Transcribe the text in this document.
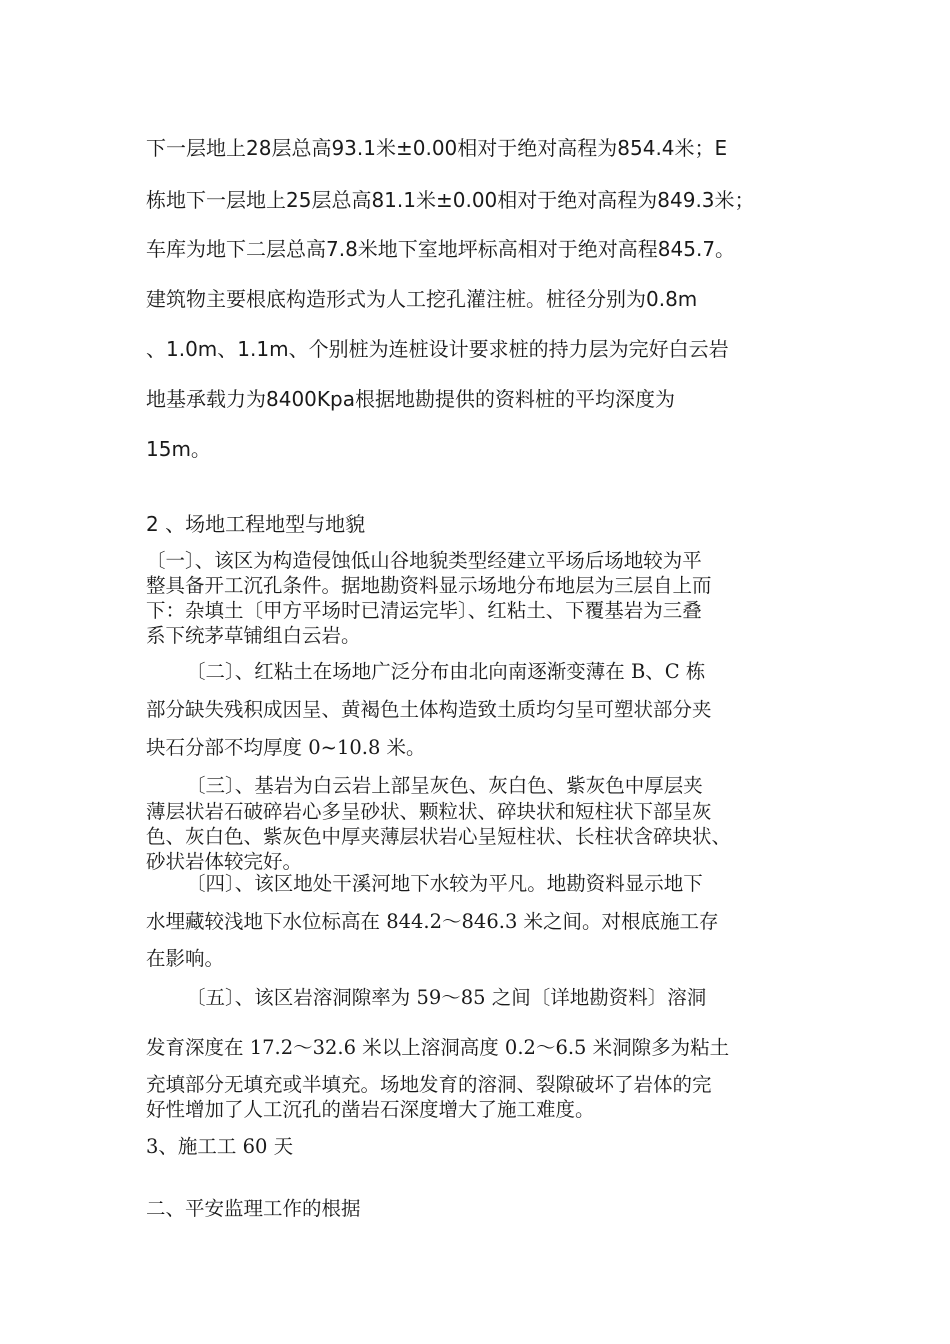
下一层地上28层总高93.1米±0.00相对于绝对高程为854.4米；E
栋地下一层地上25层总高81.1米±0.00相对于绝对高程为849.3米；
车库为地下二层总高7.8米地下室地坪标高相对于绝对高程845.7。
建筑物主要根底构造形式为人工挖孔灌注桩。桩径分别为0.8m
、1.0m、1.1m、个别桩为连桩设计要求桩的持力层为完好白云岩
地基承载力为8400Kpa根据地勘提供的资料桩的平均深度为
15m。
2 、场地工程地型与地貌
〔一〕、该区为构造侵蚀低山谷地貌类型经建立平场后场地较为平
整具备开工沉孔条件。据地勘资料显示场地分布地层为三层自上而
下：杂填土〔甲方平场时已清运完毕〕、红粘土、下覆基岩为三叠
系下统茅草铺组白云岩。
〔二〕、红粘土在场地广泛分布由北向南逐渐变薄在 B、C 栋
部分缺失残积成因呈、黄褐色土体构造致土质均匀呈可塑状部分夹
块石分部不均厚度 0~10.8 米。
〔三〕、基岩为白云岩上部呈灰色、灰白色、紫灰色中厚层夹
薄层状岩石破碎岩心多呈砂状、颗粒状、碎块状和短柱状下部呈灰
色、灰白色、紫灰色中厚夹薄层状岩心呈短柱状、长柱状含碎块状、
砂状岩体较完好。
〔四〕、该区地处干溪河地下水较为平凡。地勘资料显示地下
水埋藏较浅地下水位标高在 844.2～846.3 米之间。对根底施工存
在影响。
〔五〕、该区岩溶洞隙率为 59～85 之间〔详地勘资料〕溶洞
发育深度在 17.2～32.6 米以上溶洞高度 0.2～6.5 米洞隙多为粘土
充填部分无填充或半填充。场地发育的溶洞、裂隙破坏了岩体的完
好性增加了人工沉孔的凿岩石深度增大了施工难度。
3、施工工 60 天
二、平安监理工作的根据
